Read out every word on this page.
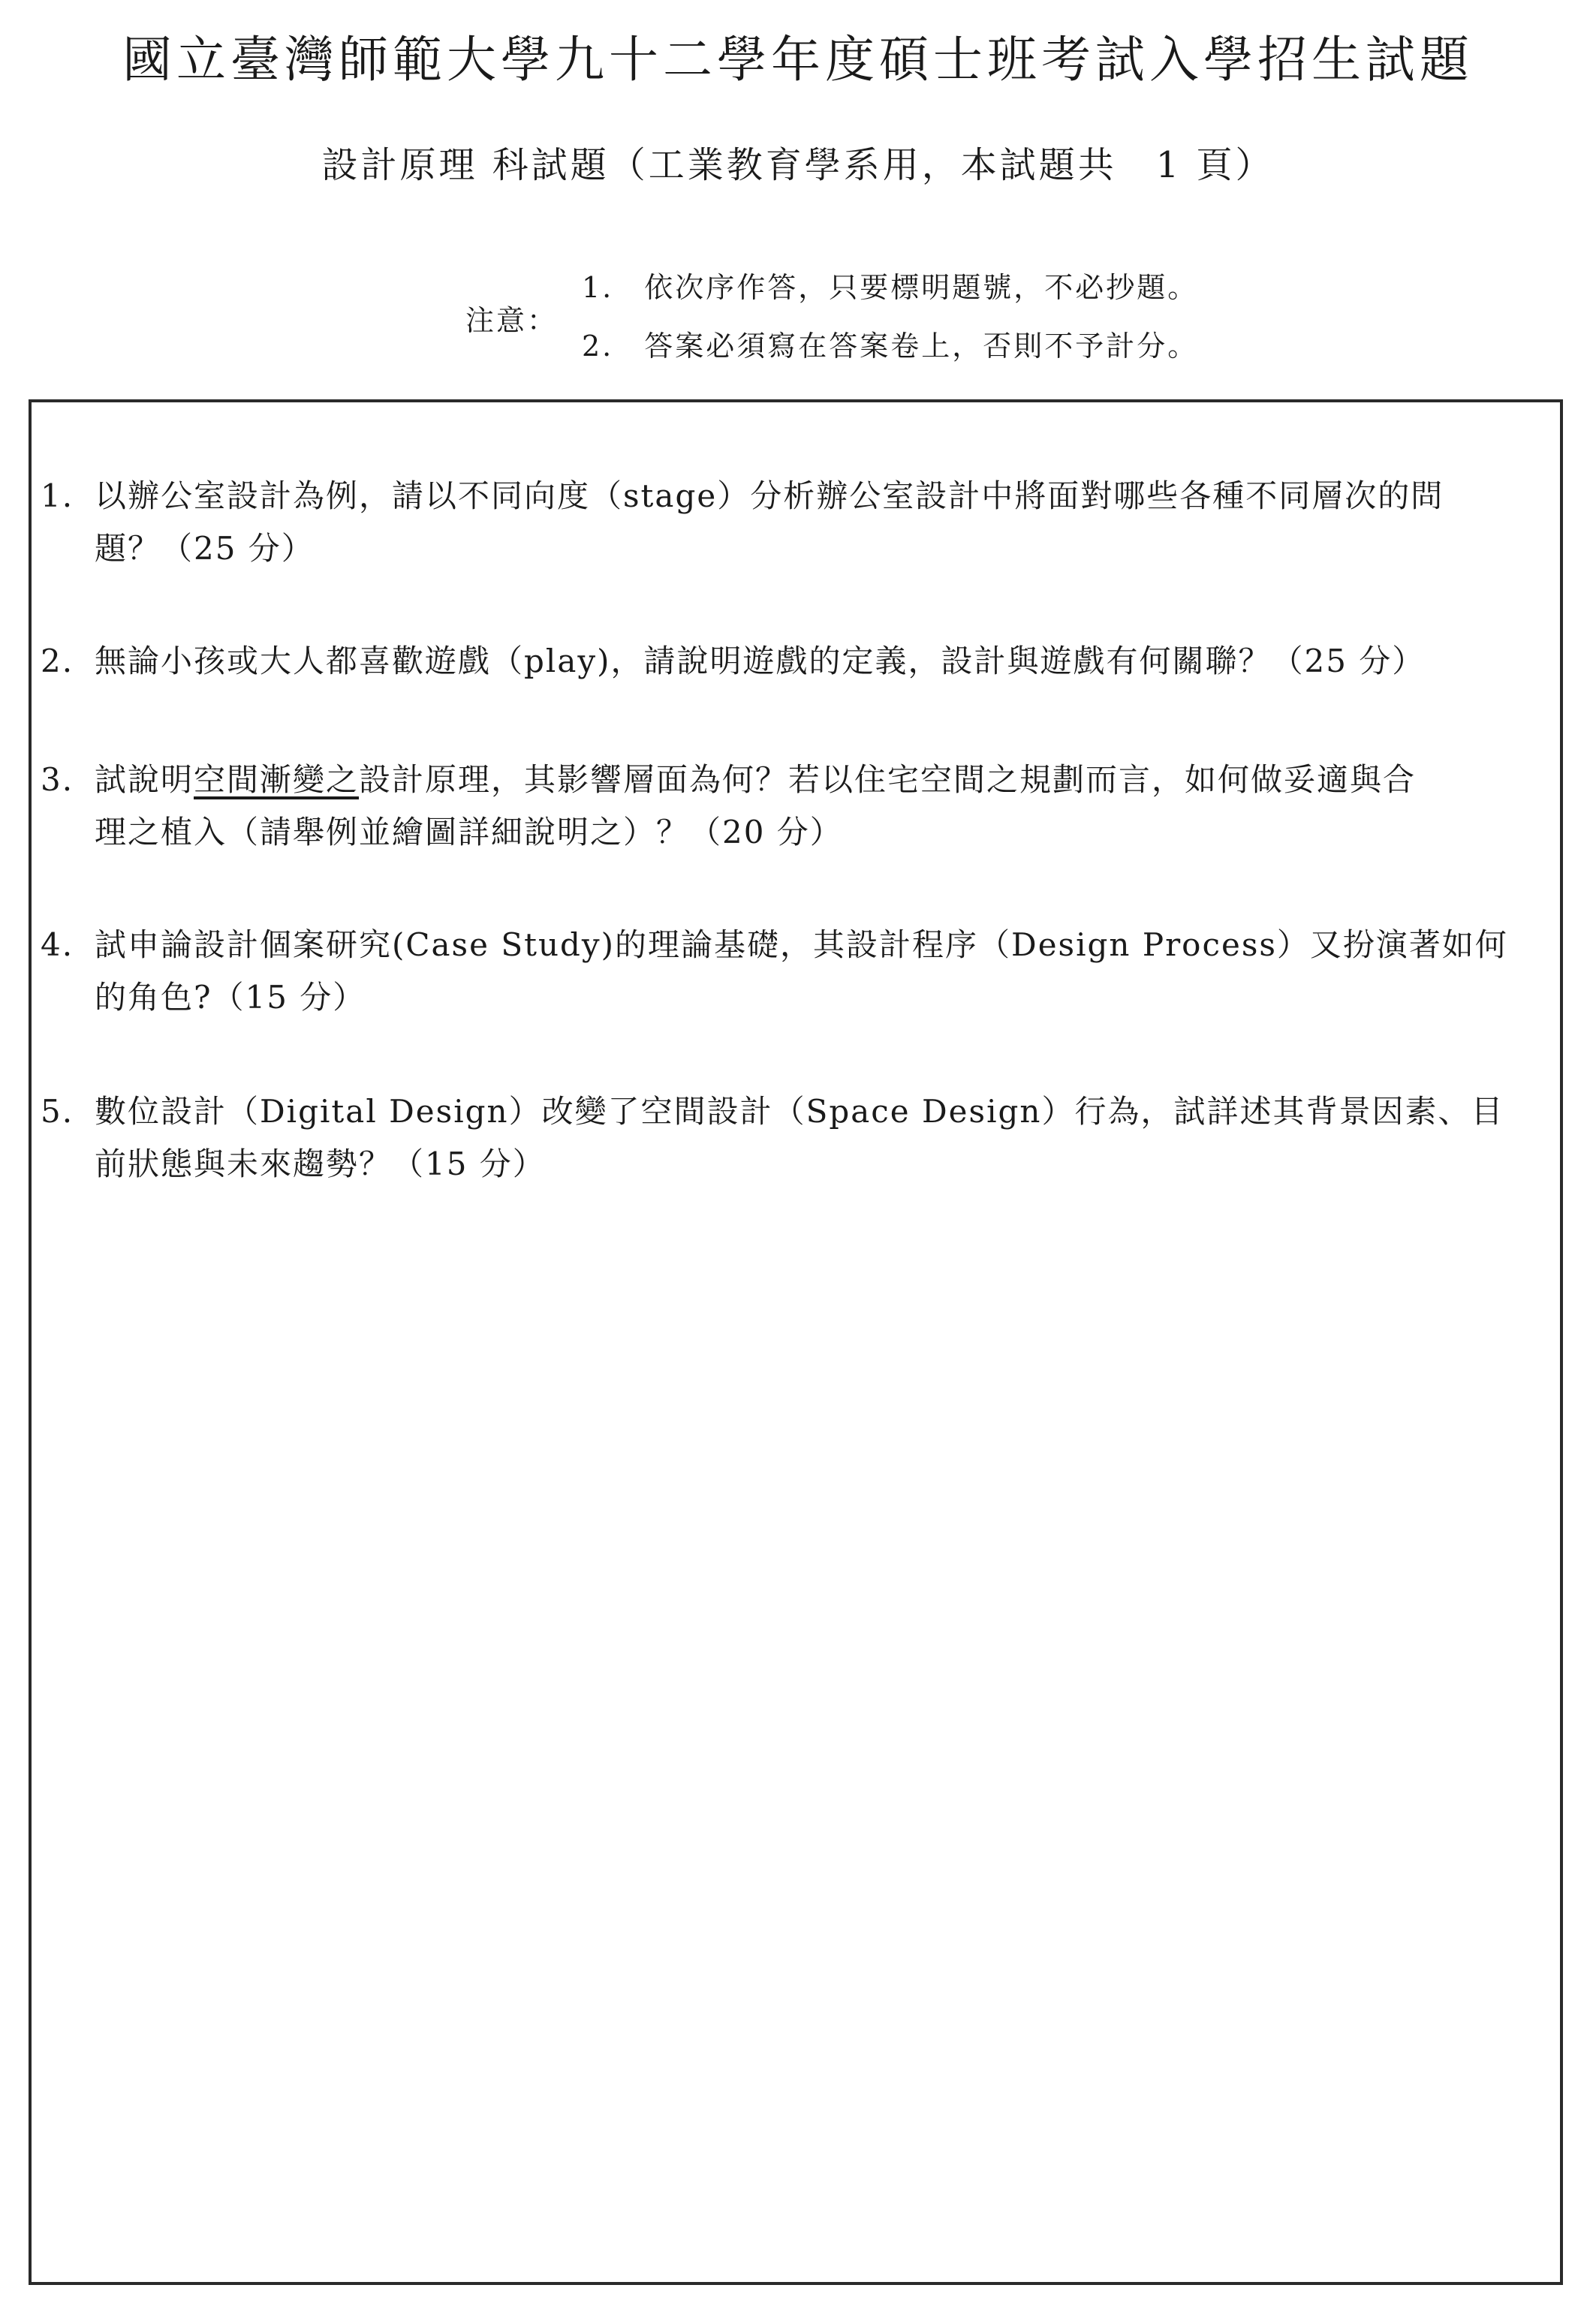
國立臺灣師範大學九十二學年度碩士班考試入學招生試題
設計原理 科試題（工業教育學系用，本試題共　1 頁）
注意：
1.　依次序作答，只要標明題號，不必抄題。
2.　答案必須寫在答案卷上，否則不予計分。
1. 以辦公室設計為例，請以不同向度（stage）分析辦公室設計中將面對哪些各種不同層次的問
題？（25 分）
2. 無論小孩或大人都喜歡遊戲（play)，請說明遊戲的定義，設計與遊戲有何關聯？（25 分）
3. 試說明空間漸變之設計原理，其影響層面為何？若以住宅空間之規劃而言，如何做妥適與合
理之植入（請舉例並繪圖詳細說明之）？（20 分）
4. 試申論設計個案研究(Case Study)的理論基礎，其設計程序（Design Process）又扮演著如何
的角色?（15 分）
5. 數位設計（Digital Design）改變了空間設計（Space Design）行為，試詳述其背景因素、目
前狀態與未來趨勢？（15 分）
